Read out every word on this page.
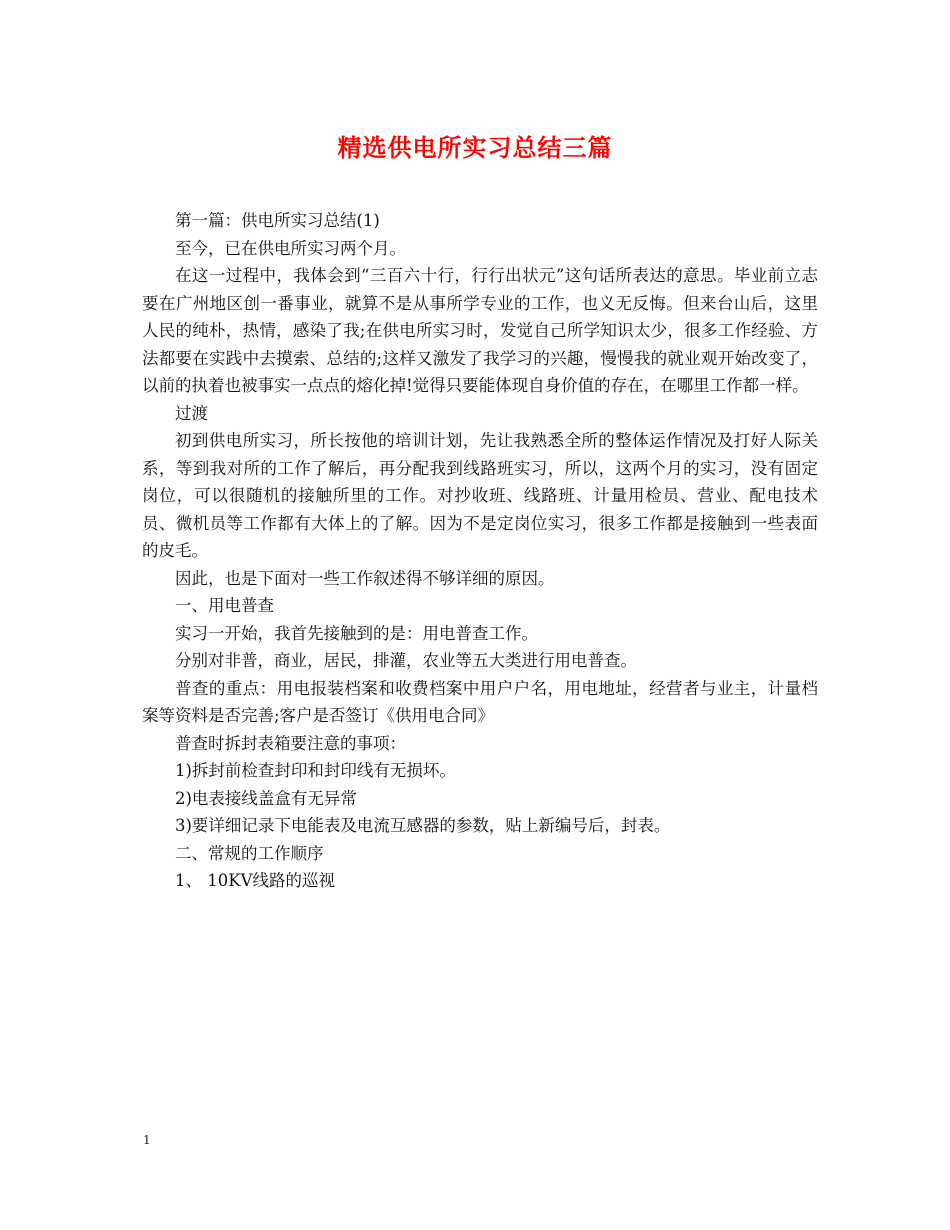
精选供电所实习总结三篇

第一篇：供电所实习总结(1)

至今，已在供电所实习两个月。

在这一过程中，我体会到“三百六十行，行行出状元”这句话所表达的意思。毕业前立志要在广州地区创一番事业，就算不是从事所学专业的工作，也义无反悔。但来台山后，这里人民的纯朴，热情，感染了我;在供电所实习时，发觉自己所学知识太少，很多工作经验、方法都要在实践中去摸索、总结的;这样又激发了我学习的兴趣，慢慢我的就业观开始改变了，以前的执着也被事实一点点的熔化掉!觉得只要能体现自身价值的存在，在哪里工作都一样。

过渡

初到供电所实习，所长按他的培训计划，先让我熟悉全所的整体运作情况及打好人际关系，等到我对所的工作了解后，再分配我到线路班实习，所以，这两个月的实习，没有固定岗位，可以很随机的接触所里的工作。对抄收班、线路班、计量用检员、营业、配电技术员、微机员等工作都有大体上的了解。因为不是定岗位实习，很多工作都是接触到一些表面的皮毛。

因此，也是下面对一些工作叙述得不够详细的原因。

一、用电普查

实习一开始，我首先接触到的是：用电普查工作。

分别对非普，商业，居民，排灌，农业等五大类进行用电普查。

普查的重点：用电报装档案和收费档案中用户户名，用电地址，经营者与业主，计量档案等资料是否完善;客户是否签订《供用电合同》

普查时拆封表箱要注意的事项：

1)拆封前检查封印和封印线有无损坏。

2)电表接线盖盒有无异常

3)要详细记录下电能表及电流互感器的参数，贴上新编号后，封表。

二、常规的工作顺序

1、 10KV线路的巡视

1
